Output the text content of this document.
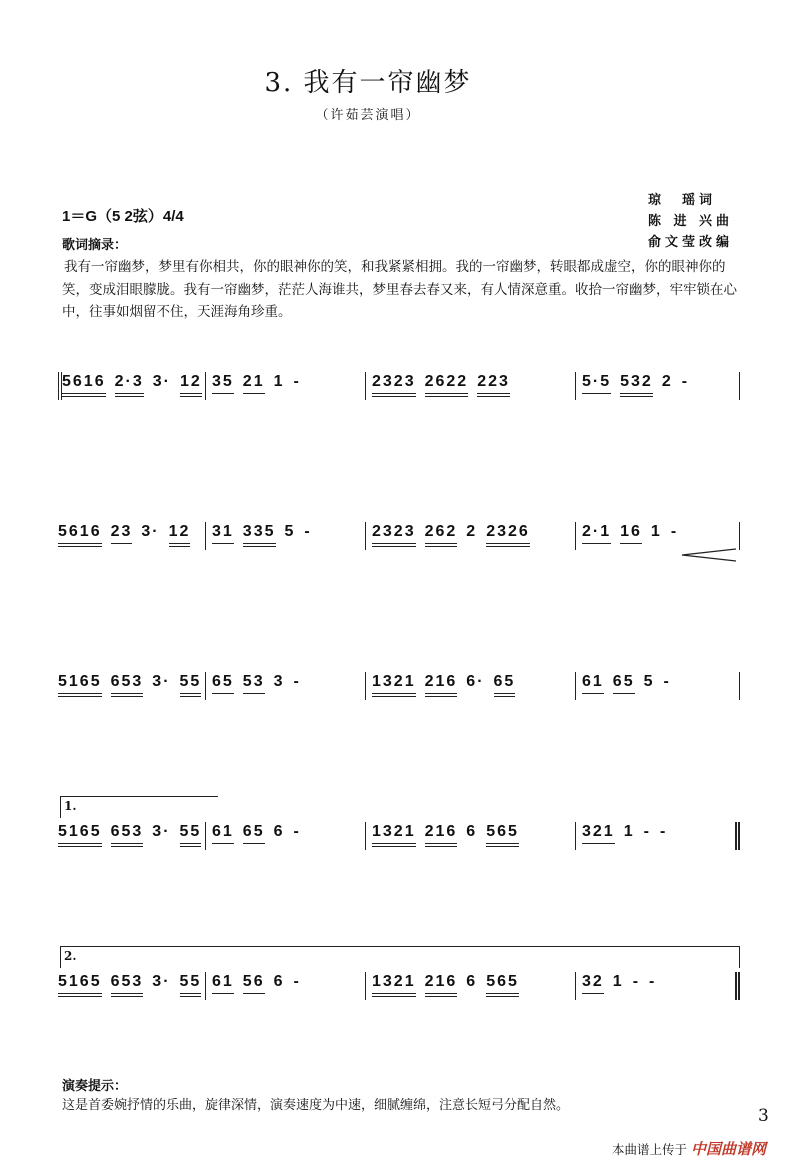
3. 我有一帘幽梦
（许茹芸演唱）
琼　瑶词
陈 进 兴曲
俞文莹改编
1＝G（5 2弦）4/4
歌词摘录：
我有一帘幽梦，梦里有你相共，你的眼神你的笑，和我紧紧相拥。我的一帘幽梦，转眼都成虚空，你的眼神你的笑，变成泪眼朦胧。我有一帘幽梦，茫茫人海谁共，梦里春去春又来，有人情深意重。收拾一帘幽梦，牢牢锁在心中，往事如烟留不住，天涯海角珍重。
5616 2·3 3· 12 35 21 1 -	2323 2622 223	5·5 532 2 -
5616 23 3· 12 31 335 5 -	2323 262 2 2326	2·1 16 1 -
5165 653 3· 55 65 53 3 -	1321 216 6· 65	61 65 5 -
1.
5165 653 3· 55 61 65 6 -	1321 216 6 565	321 1 - -
2.
5165 653 3· 55 61 56 6 -	1321 216 6 565	32 1 - -
演奏提示：
这是首委婉抒情的乐曲，旋律深情，演奏速度为中速，细腻缠绵，注意长短弓分配自然。
3
本曲谱上传于 中国曲谱网
